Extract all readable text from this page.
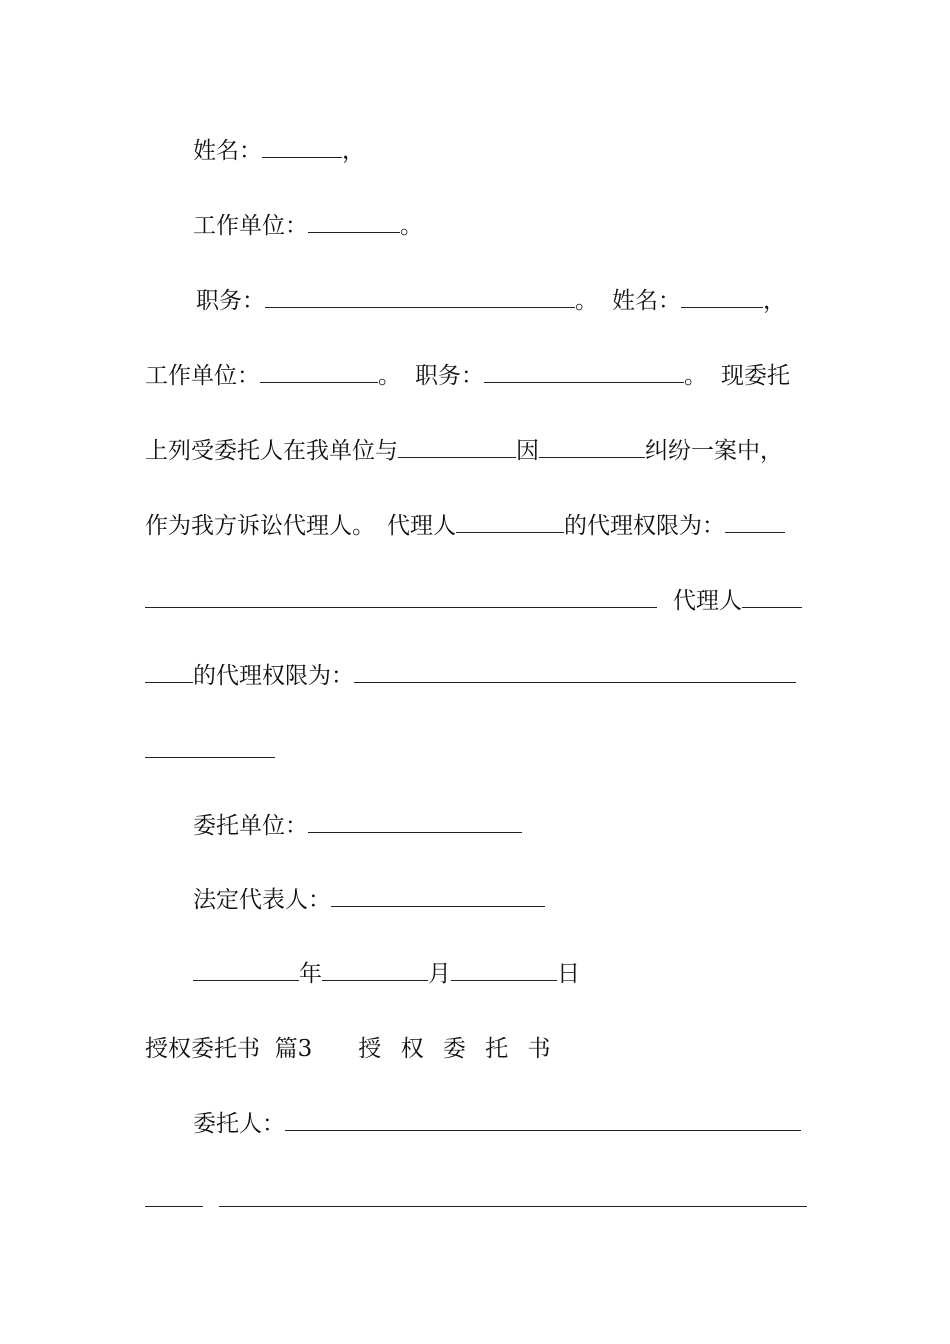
姓名：	，
工作单位：	。
职务：	。 姓名：	，
工作单位：	。 职务：	。 现委托
上列受委托人在我单位与	因	纠纷一案中，
作为我方诉讼代理人。 代理人	的代理权限为：
代理人
的代理权限为：
委托单位：
法定代表人：
年	月	日
授权委托书  篇3 授 权 委 托 书
委托人：
